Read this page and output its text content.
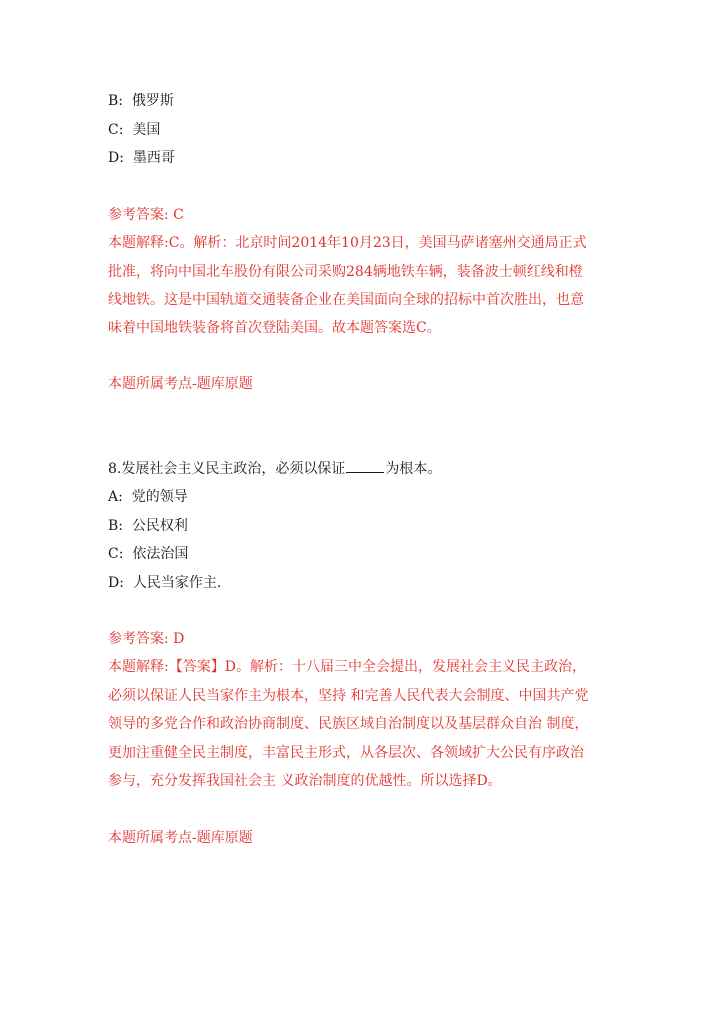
B: 俄罗斯
C: 美国
D: 墨西哥
参考答案: C
本题解释:C。解析：北京时间2014年10月23日，美国马萨诸塞州交通局正式
批准，将向中国北车股份有限公司采购284辆地铁车辆，装备波士顿红线和橙
线地铁。这是中国轨道交通装备企业在美国面向全球的招标中首次胜出，也意
味着中国地铁装备将首次登陆美国。故本题答案选C。
本题所属考点-题库原题
8.发展社会主义民主政治，必须以保证	为根本。
A: 党的领导
B: 公民权利
C: 依法治国
D: 人民当家作主.
参考答案: D
本题解释:【答案】D。解析：十八届三中全会提出，发展社会主义民主政治，
必须以保证人民当家作主为根本，坚持 和完善人民代表大会制度、中国共产党
领导的多党合作和政治协商制度、民族区域自治制度以及基层群众自治 制度，
更加注重健全民主制度，丰富民主形式，从各层次、各领域扩大公民有序政治
参与，充分发挥我国社会主 义政治制度的优越性。所以选择D。
本题所属考点-题库原题
